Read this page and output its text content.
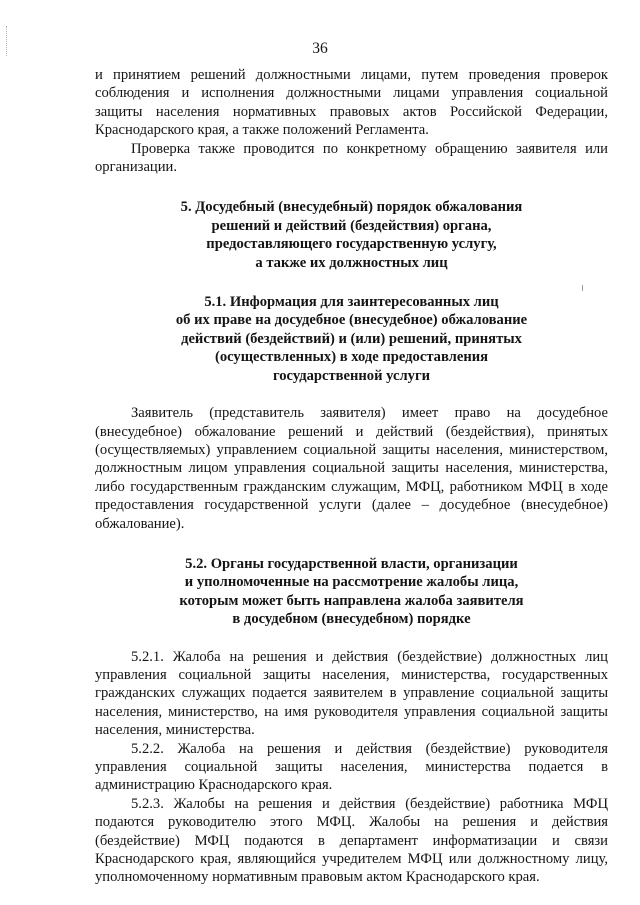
36

и принятием решений должностными лицами, путем проведения проверок соблюдения и исполнения должностными лицами управления социальной защиты населения нормативных правовых актов Российской Федерации, Краснодарского края, а также положений Регламента.

Проверка также проводится по конкретному обращению заявителя или организации.

5. Досудебный (внесудебный) порядок обжалования
решений и действий (бездействия) органа,
предоставляющего государственную услугу,
а также их должностных лиц
5.1. Информация для заинтересованных лиц
об их праве на досудебное (внесудебное) обжалование
действий (бездействий) и (или) решений, принятых
(осуществленных) в ходе предоставления
государственной услуги

Заявитель (представитель заявителя) имеет право на досудебное (внесудебное) обжалование решений и действий (бездействия), принятых (осуществляемых) управлением социальной защиты населения, министерством, должностным лицом управления социальной защиты населения, министерства, либо государственным гражданским служащим, МФЦ, работником МФЦ в ходе предоставления государственной услуги (далее – досудебное (внесудебное) обжалование).

5.2. Органы государственной власти, организации
и уполномоченные на рассмотрение жалобы лица,
которым может быть направлена жалоба заявителя
в досудебном (внесудебном) порядке

5.2.1. Жалоба на решения и действия (бездействие) должностных лиц управления социальной защиты населения, министерства, государственных гражданских служащих подается заявителем в управление социальной защиты населения, министерство, на имя руководителя управления социальной защиты населения, министерства.

5.2.2. Жалоба на решения и действия (бездействие) руководителя управления социальной защиты населения, министерства подается в администрацию Краснодарского края.

5.2.3. Жалобы на решения и действия (бездействие) работника МФЦ подаются руководителю этого МФЦ. Жалобы на решения и действия (бездействие) МФЦ подаются в департамент информатизации и связи Краснодарского края, являющийся учредителем МФЦ или должностному лицу, уполномоченному нормативным правовым актом Краснодарского края.
